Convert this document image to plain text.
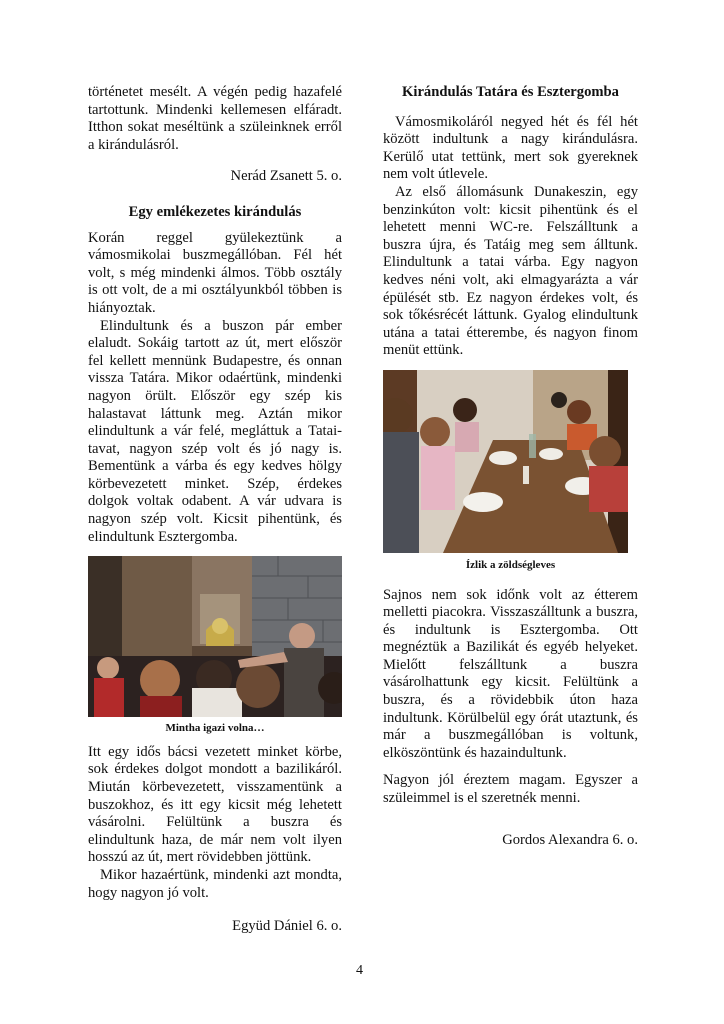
történetet mesélt. A végén pedig hazafelé tartottunk. Mindenki kellemesen elfáradt. Itthon sokat meséltünk a szüleinknek erről a kirándulásról.

Nerád Zsanett 5. o.

Egy emlékezetes kirándulás

Korán reggel gyülekeztünk a vámosmikolai buszmegállóban. Fél hét volt, s még mindenki álmos. Több osztály is ott volt, de a mi osztályunkból többen is hiányoztak.

Elindultunk és a buszon pár ember elaludt. Sokáig tartott az út, mert először fel kellett mennünk Budapestre, és onnan vissza Tatára. Mikor odaértünk, mindenki nagyon örült. Először egy szép kis halastavat láttunk meg. Aztán mikor elindultunk a vár felé, megláttuk a Tatai-tavat, nagyon szép volt és jó nagy is. Bementünk a várba és egy kedves hölgy körbevezetett minket. Szép, érdekes dolgok voltak odabent. A vár udvara is nagyon szép volt. Kicsit pihentünk, és elindultunk Esztergomba.

Mintha igazi volna…

Itt egy idős bácsi vezetett minket körbe, sok érdekes dolgot mondott a bazilikáról. Miután körbevezetett, visszamentünk a buszokhoz, és itt egy kicsit még lehetett vásárolni. Felültünk a buszra és elindultunk haza, de már nem volt ilyen hosszú az út, mert rövidebben jöttünk.

Mikor hazaértünk, mindenki azt mondta, hogy nagyon jó volt.

Együd Dániel 6. o.

Kirándulás Tatára és Esztergomba

Vámosmikoláról negyed hét és fél hét között indultunk a nagy kirándulásra. Kerülő utat tettünk, mert sok gyereknek nem volt útlevele.

Az első állomásunk Dunakeszin, egy benzinkúton volt: kicsit pihentünk és el lehetett menni WC-re. Felszálltunk a buszra újra, és Tatáig meg sem álltunk. Elindultunk a tatai várba. Egy nagyon kedves néni volt, aki elmagyarázta a vár épülését stb. Ez nagyon érdekes volt, és sok tőkésrécét láttunk. Gyalog elindultunk utána a tatai étterembe, és nagyon finom menüt ettünk.

Ízlik a zöldségleves

Sajnos nem sok időnk volt az étterem melletti piacokra. Visszaszálltunk a buszra, és indultunk is Esztergomba. Ott megnéztük a Bazilikát és egyéb helyeket. Mielőtt felszálltunk a buszra vásárolhattunk egy kicsit. Felültünk a buszra, és a rövidebbik úton haza indultunk. Körülbelül egy órát utaztunk, és már a buszmegállóban is voltunk, elköszöntünk és hazaindultunk.

Nagyon jól éreztem magam. Egyszer a szüleimmel is el szeretnék menni.

Gordos Alexandra 6. o.

4
